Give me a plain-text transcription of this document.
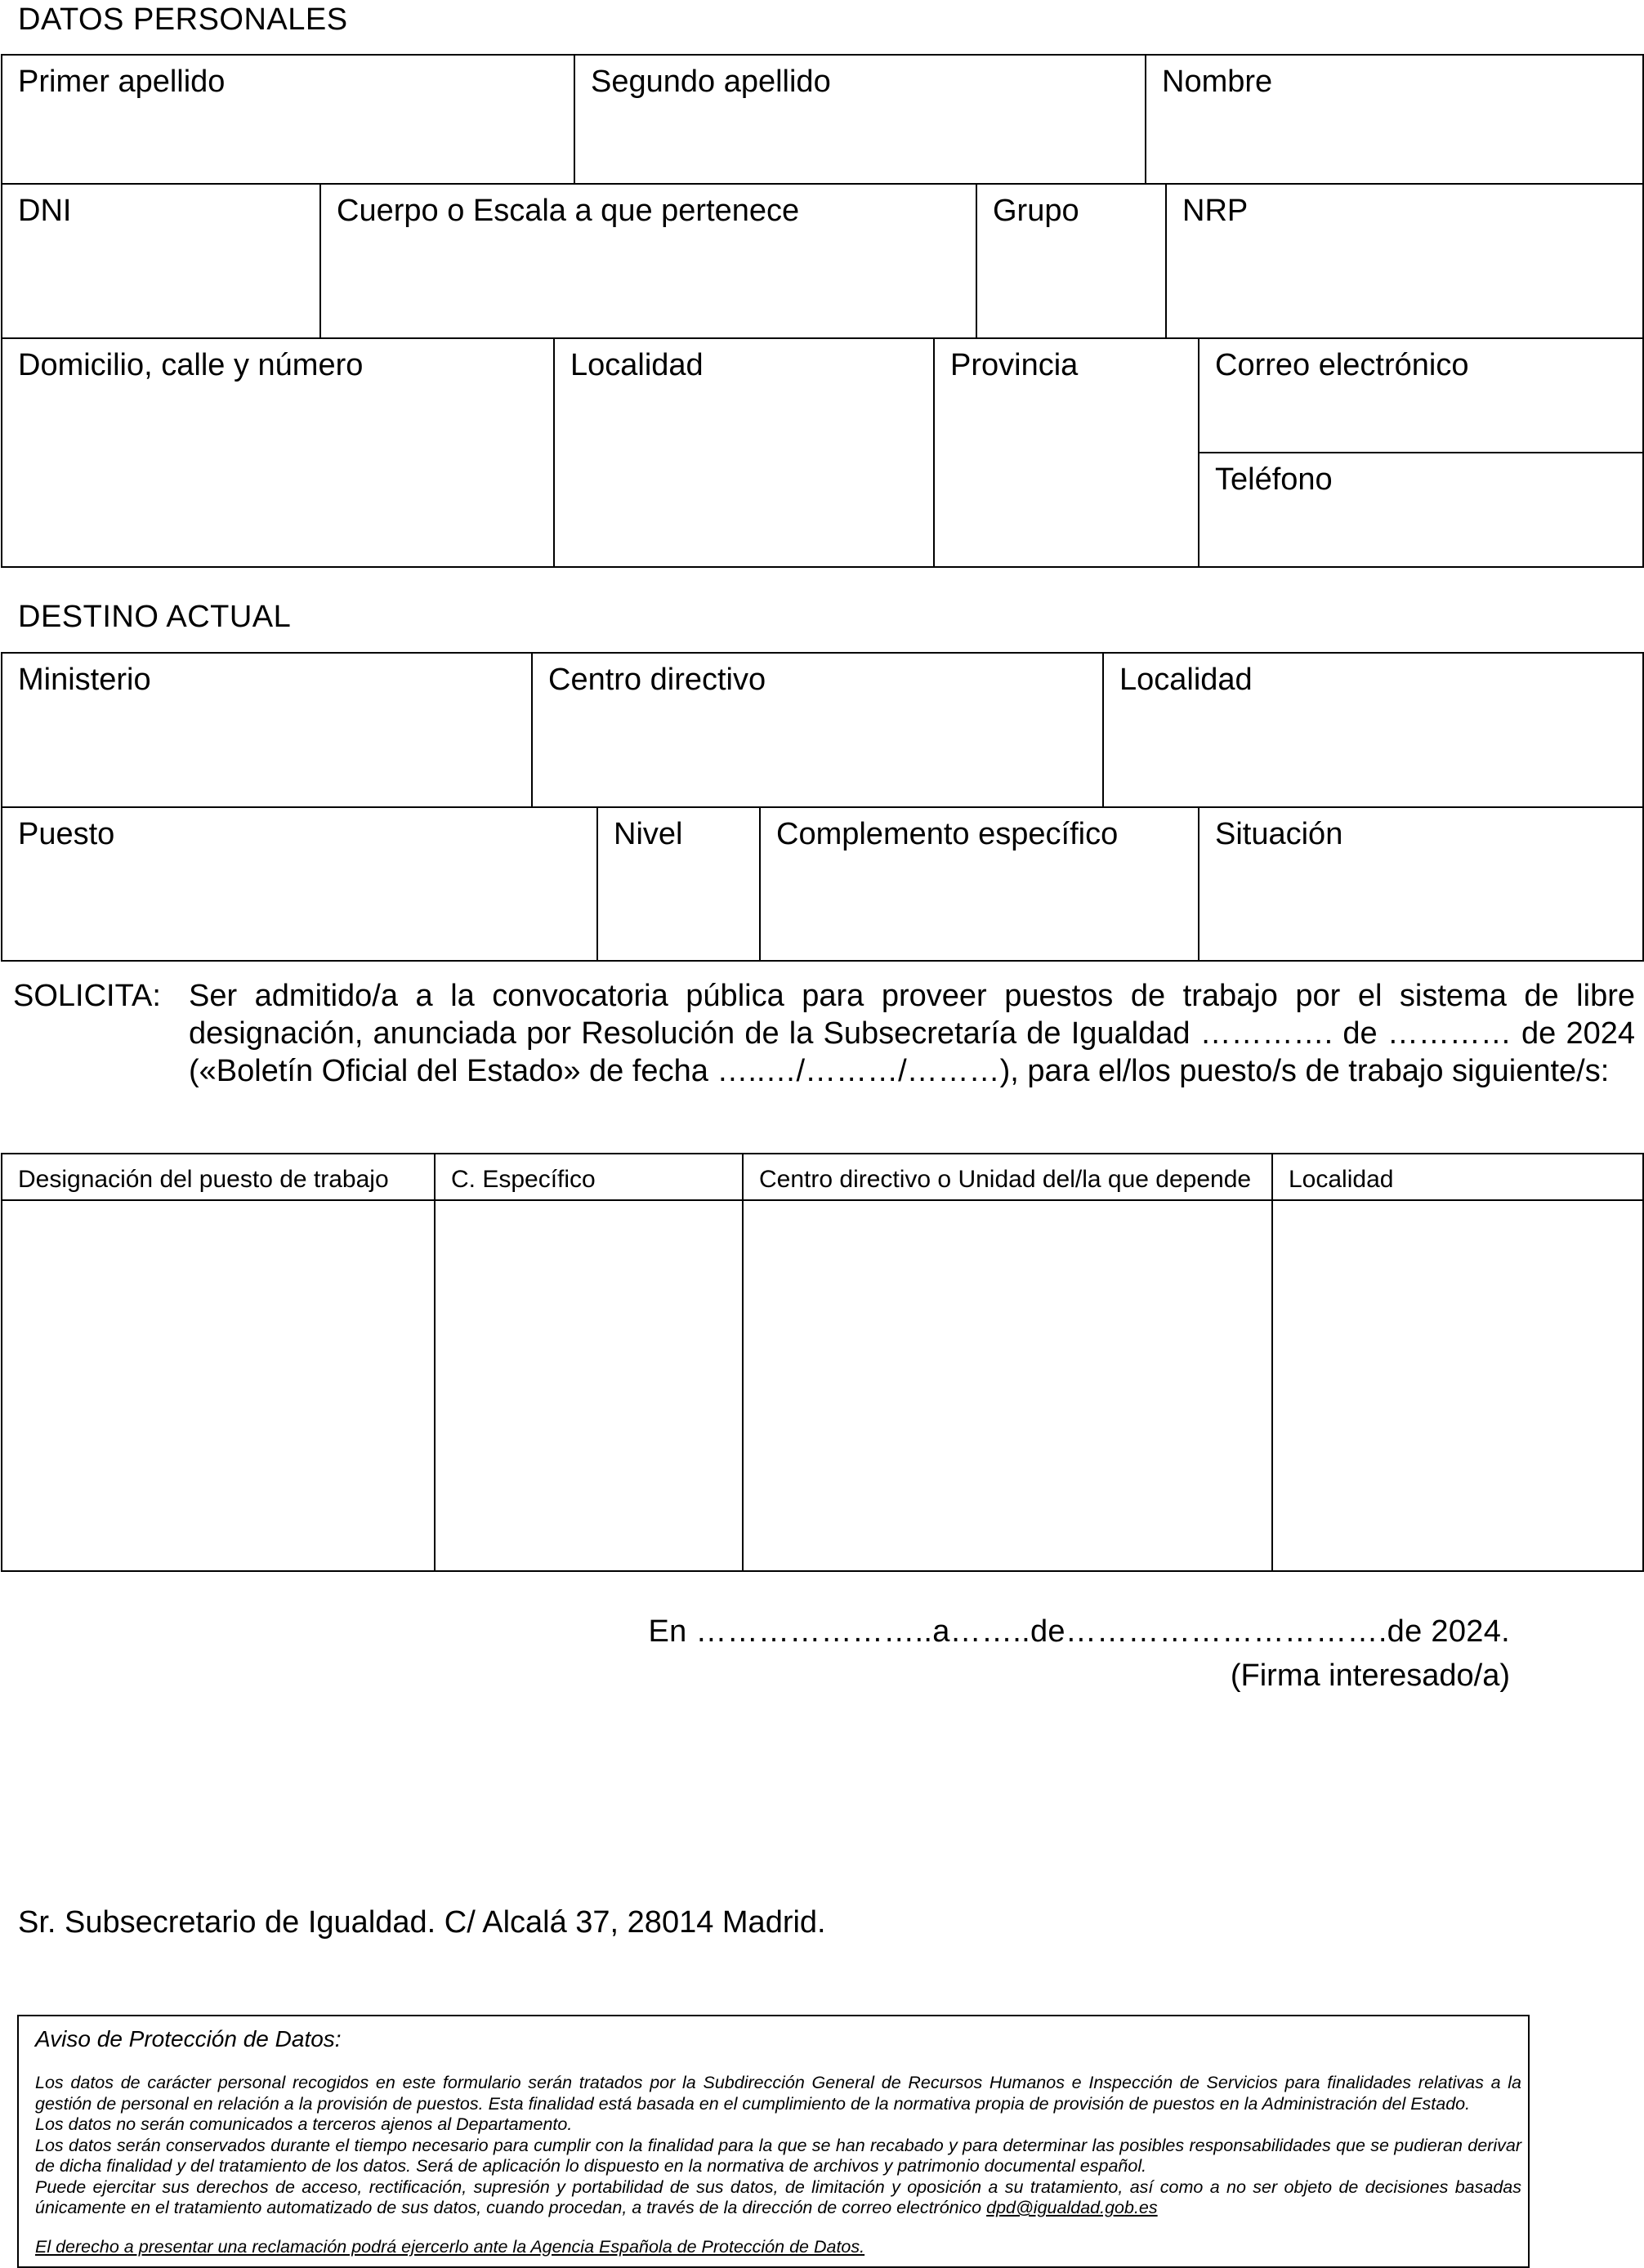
DATOS PERSONALES
Primer apellido	Segundo apellido	Nombre
DNI	Cuerpo o Escala a que pertenece	Grupo	NRP
Domicilio, calle y número	Localidad	Provincia	Correo electrónico
Teléfono
DESTINO ACTUAL
Ministerio	Centro directivo	Localidad
Puesto	Nivel	Complemento específico	Situación
SOLICITA: Ser admitido/a a la convocatoria pública para proveer puestos de trabajo por el sistema de libre designación, anunciada por Resolución de la Subsecretaría de Igualdad …………. de ………… de 2024 («Boletín Oficial del Estado» de fecha …..…/………/………), para el/los puesto/s de trabajo siguiente/s:
Designación del puesto de trabajo	C. Específico	Centro directivo o Unidad del/la que depende	Localidad
En …………………..a……..de………………………….de 2024.
(Firma interesado/a)
Sr. Subsecretario de Igualdad. C/ Alcalá 37, 28014 Madrid.
Aviso de Protección de Datos:
Los datos de carácter personal recogidos en este formulario serán tratados por la Subdirección General de Recursos Humanos e Inspección de Servicios para finalidades relativas a la gestión de personal en relación a la provisión de puestos. Esta finalidad está basada en el cumplimiento de la normativa propia de provisión de puestos en la Administración del Estado.
Los datos no serán comunicados a terceros ajenos al Departamento.
Los datos serán conservados durante el tiempo necesario para cumplir con la finalidad para la que se han recabado y para determinar las posibles responsabilidades que se pudieran derivar de dicha finalidad y del tratamiento de los datos. Será de aplicación lo dispuesto en la normativa de archivos y patrimonio documental español.
Puede ejercitar sus derechos de acceso, rectificación, supresión y portabilidad de sus datos, de limitación y oposición a su tratamiento, así como a no ser objeto de decisiones basadas únicamente en el tratamiento automatizado de sus datos, cuando procedan, a través de la dirección de correo electrónico dpd@igualdad.gob.es
El derecho a presentar una reclamación podrá ejercerlo ante la Agencia Española de Protección de Datos.
